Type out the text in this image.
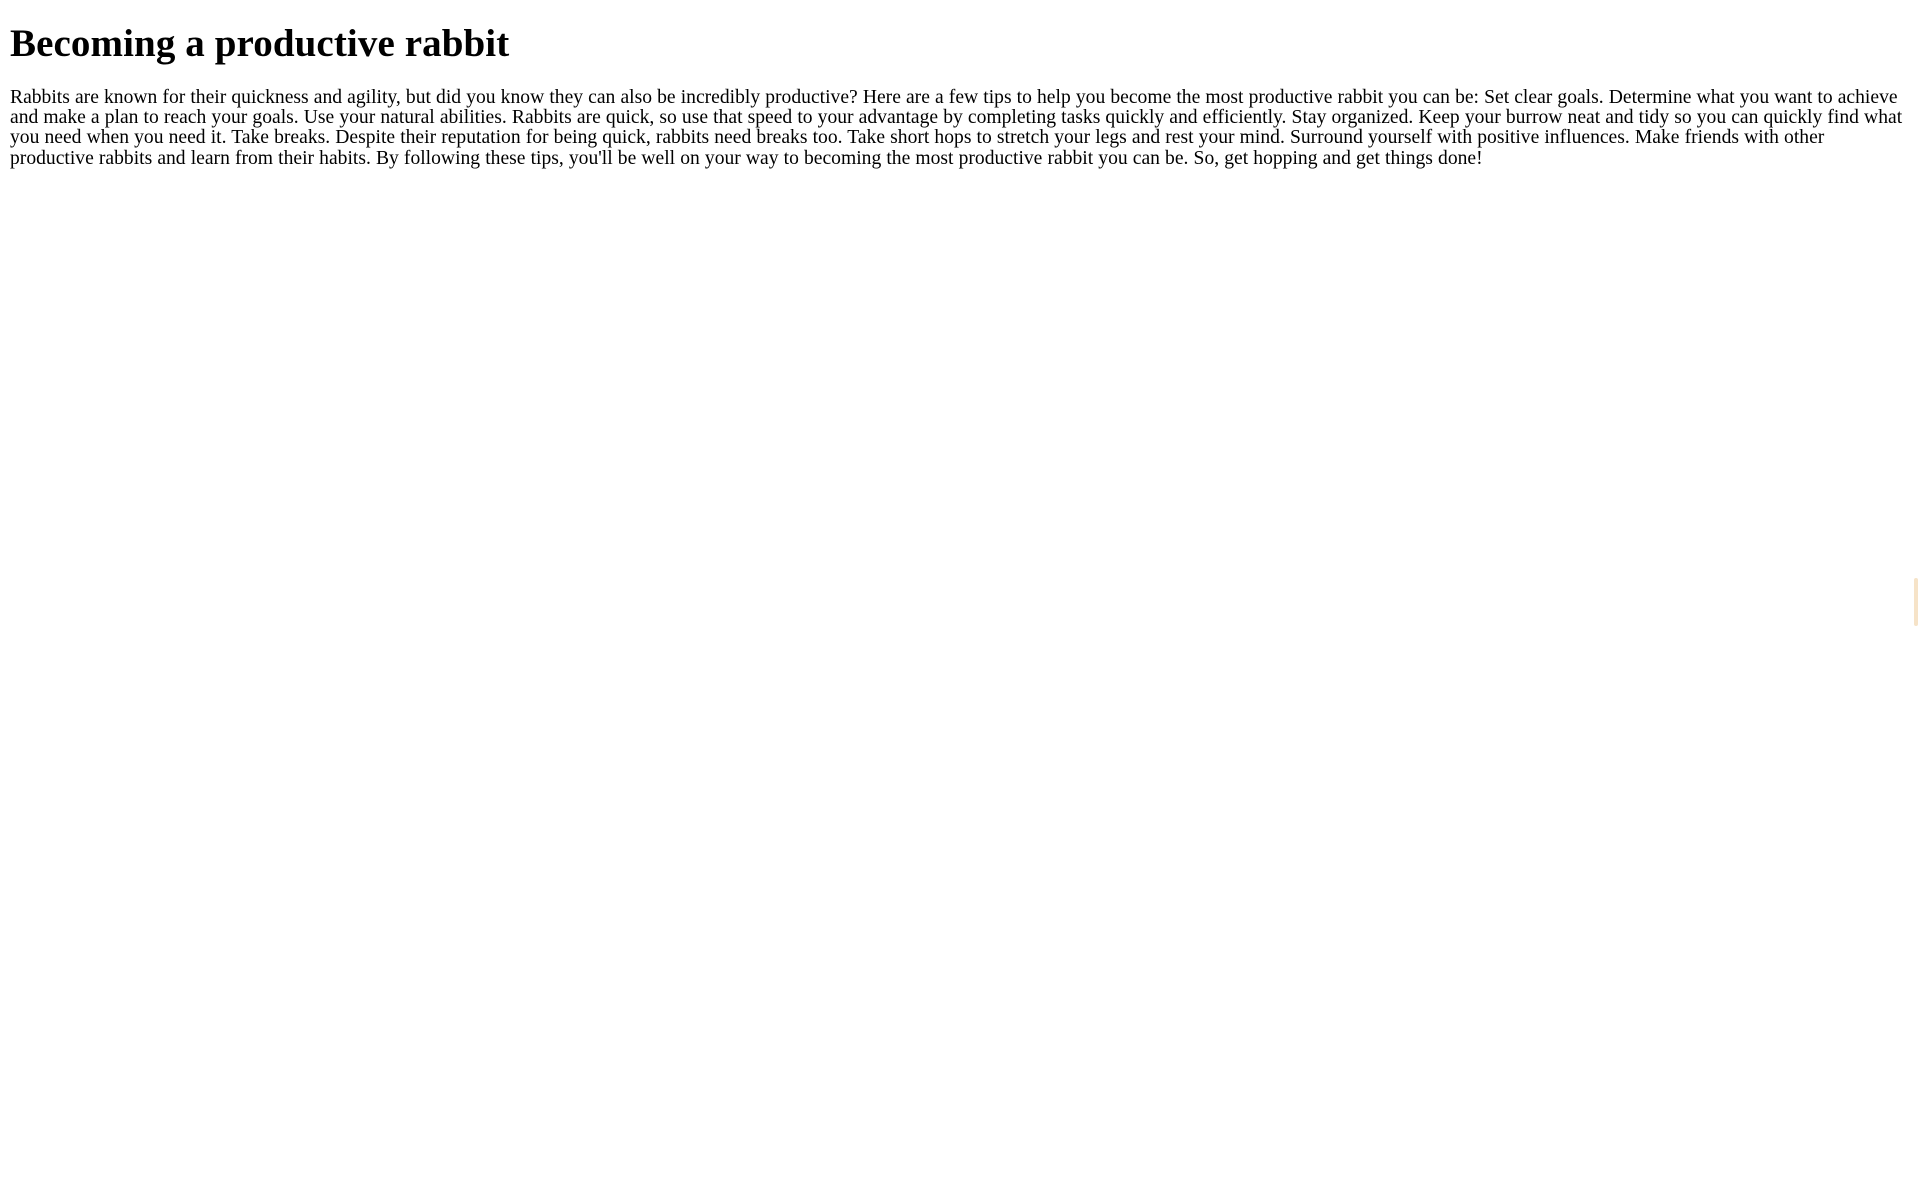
Becoming a productive rabbit

Rabbits are known for their quickness and agility, but did you know they can also be incredibly productive? Here are a few tips to help you become the most productive rabbit you can be: Set clear goals. Determine what you want to achieve and make a plan to reach your goals. Use your natural abilities. Rabbits are quick, so use that speed to your advantage by completing tasks quickly and efficiently. Stay organized. Keep your burrow neat and tidy so you can quickly find what you need when you need it. Take breaks. Despite their reputation for being quick, rabbits need breaks too. Take short hops to stretch your legs and rest your mind. Surround yourself with positive influences. Make friends with other productive rabbits and learn from their habits. By following these tips, you'll be well on your way to becoming the most productive rabbit you can be. So, get hopping and get things done!
